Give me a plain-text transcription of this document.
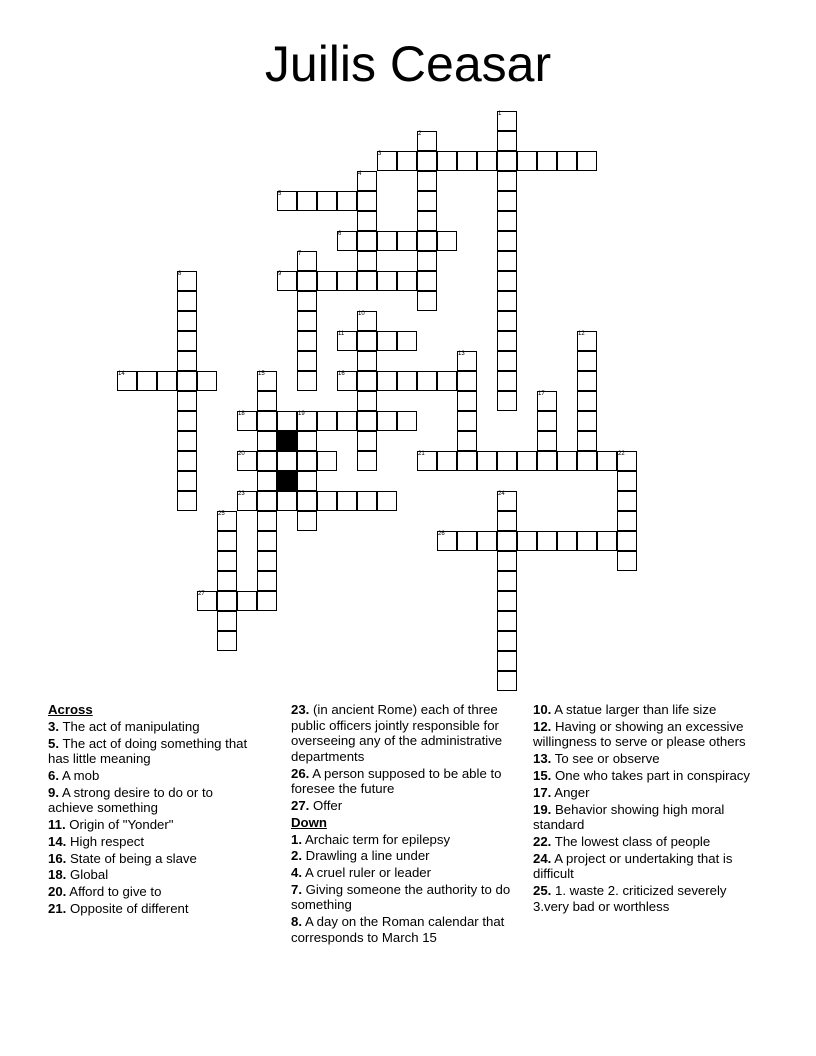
Juilis Ceasar
1
2
3
4
5
6
7
8	9
10
11	12
13
14	15	16
17
18	19
20	21	22
23	24
25
26
27
Across
3. The act of manipulating
5. The act of doing something that has little meaning
6. A mob
9. A strong desire to do or to achieve something
11. Origin of "Yonder"
14. High respect
16. State of being a slave
18. Global
20. Afford to give to
21. Opposite of different
23. (in ancient Rome) each of three public officers jointly responsible for overseeing any of the administrative departments
26. A person supposed to be able to foresee the future
27. Offer
Down
1. Archaic term for epilepsy
2. Drawling a line under
4. A cruel ruler or leader
7. Giving someone the authority to do something
8. A day on the Roman calendar that corresponds to March 15
10. A statue larger than life size
12. Having or showing an excessive willingness to serve or please others
13. To see or observe
15. One who takes part in conspiracy
17. Anger
19. Behavior showing high moral standard
22. The lowest class of people
24. A project or undertaking that is difficult
25. 1. waste 2. criticized severely 3.very bad or worthless
